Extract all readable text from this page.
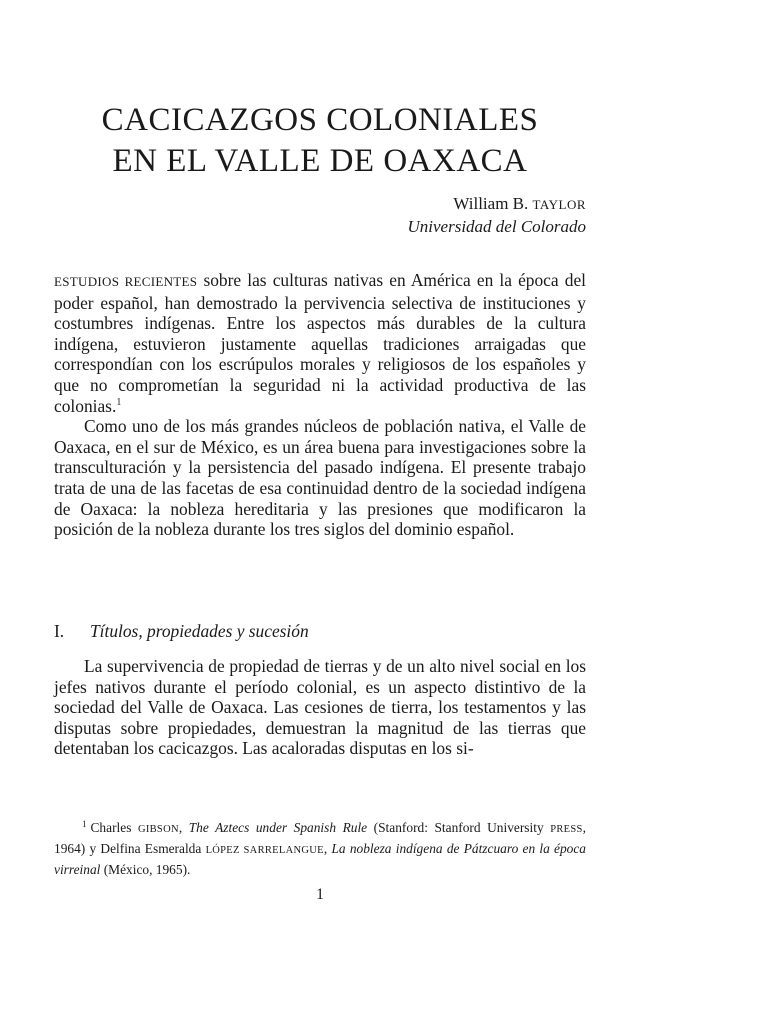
CACICAZGOS COLONIALES
EN EL VALLE DE OAXACA
William B. TAYLOR
Universidad del Colorado

ESTUDIOS RECIENTES sobre las culturas nativas en América en la época del poder español, han demostrado la pervivencia selectiva de instituciones y costumbres indígenas. Entre los aspectos más durables de la cultura indígena, estuvieron justamente aquellas tradiciones arraigadas que correspondían con los escrúpulos morales y religiosos de los españoles y que no comprometían la seguridad ni la actividad productiva de las colonias.$^1$

Como uno de los más grandes núcleos de población nativa, el Valle de Oaxaca, en el sur de México, es un área buena para investigaciones sobre la transculturación y la persistencia del pasado indígena. El presente trabajo trata de una de las facetas de esa continuidad dentro de la sociedad indígena de Oaxaca: la nobleza hereditaria y las presiones que modificaron la posición de la nobleza durante los tres siglos del dominio español.

I. Títulos, propiedades y sucesión

La supervivencia de propiedad de tierras y de un alto nivel social en los jefes nativos durante el período colonial, es un aspecto distintivo de la sociedad del Valle de Oaxaca. Las cesiones de tierra, los testamentos y las disputas sobre propiedades, demuestran la magnitud de las tierras que detentaban los cacicazgos. Las acaloradas disputas en los si-

$^1$ Charles GIBSON, The Aztecs under Spanish Rule (Stanford: Stanford University PRESS, 1964) y Delfina Esmeralda LÓPEZ SARRELANGUE, La nobleza indígena de Pátzcuaro en la época virreinal (México, 1965).

1
